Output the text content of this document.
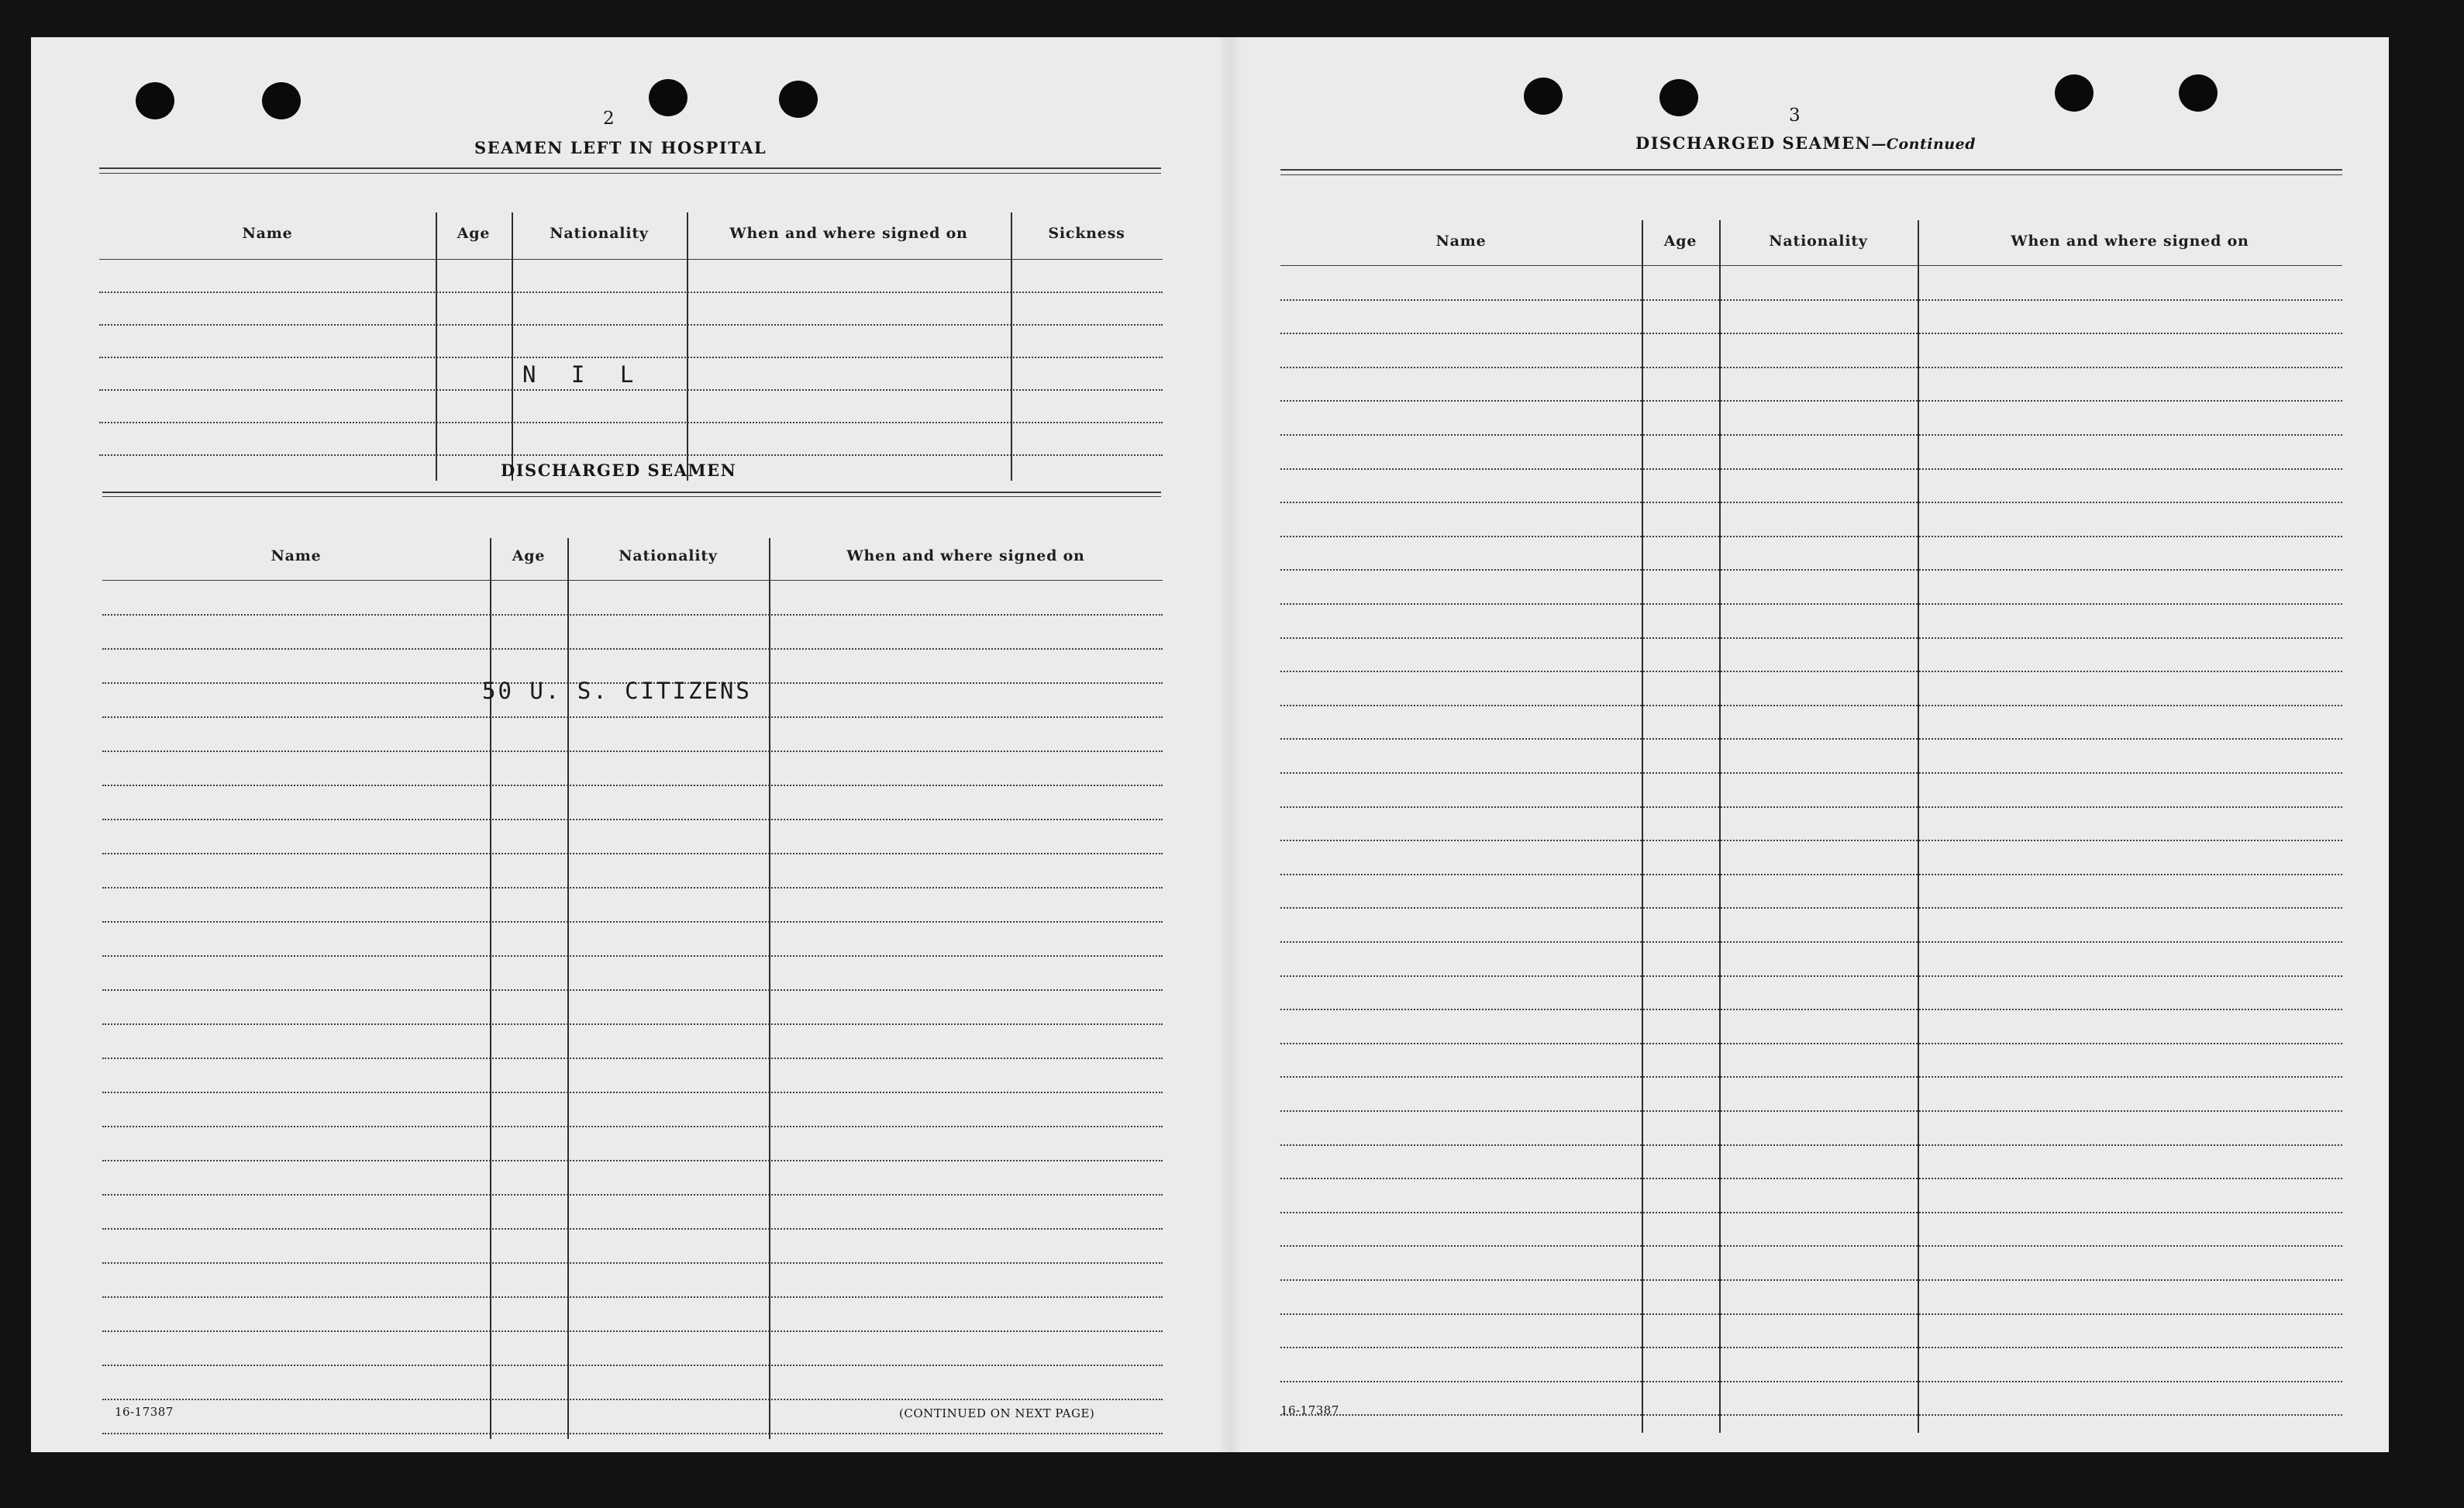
2
SEAMEN LEFT IN HOSPITAL
Name	Age	Nationality	When and where signed on	Sickness
N I L
DISCHARGED SEAMEN
Name	Age	Nationality	When and where signed on
50 U. S. CITIZENS
16-17387	(CONTINUED ON NEXT PAGE)
3
DISCHARGED SEAMEN—Continued
Name	Age	Nationality	When and where signed on
16-17387
